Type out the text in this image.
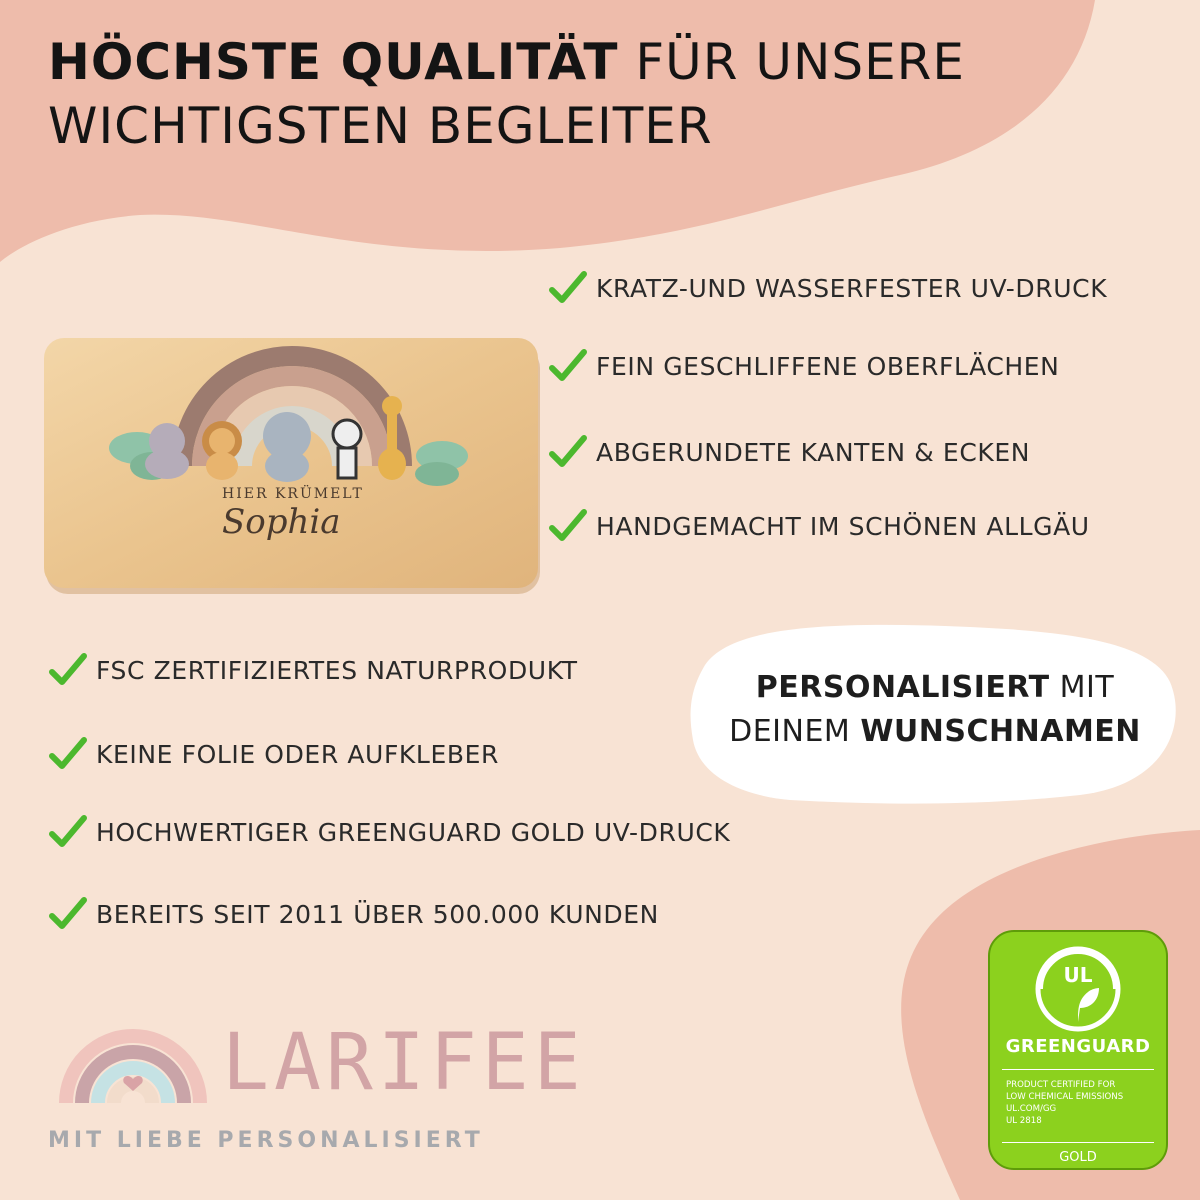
HÖCHSTE QUALITÄT FÜR UNSERE
WICHTIGSTEN BEGLEITER
KRATZ-UND WASSERFESTER UV-DRUCK
FEIN GESCHLIFFENE OBERFLÄCHEN
ABGERUNDETE KANTEN & ECKEN
HANDGEMACHT IM SCHÖNEN ALLGÄU
HIER KRÜMELT
Sophia
FSC ZERTIFIZIERTES NATURPRODUKT
KEINE FOLIE ODER AUFKLEBER
HOCHWERTIGER GREENGUARD GOLD UV-DRUCK
BEREITS SEIT 2011 ÜBER 500.000 KUNDEN
PERSONALISIERT MIT
DEINEM WUNSCHNAMEN
LARIFEE
MIT LIEBE PERSONALISIERT
UL
GREENGUARD
PRODUCT CERTIFIED FOR
LOW CHEMICAL EMISSIONS
UL.COM/GG
UL 2818
GOLD
